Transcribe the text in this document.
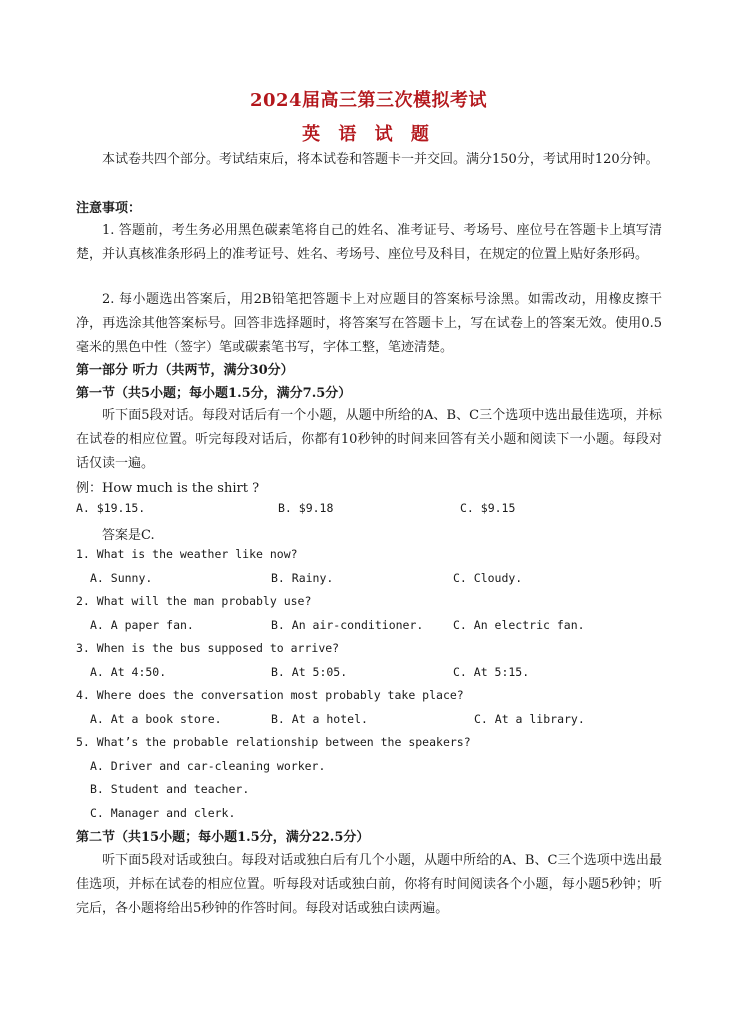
2024届高三第三次模拟考试
英 语 试 题
本试卷共四个部分。考试结束后，将本试卷和答题卡一并交回。满分150分，考试用时120分钟。
注意事项：
1. 答题前，考生务必用黑色碳素笔将自己的姓名、准考证号、考场号、座位号在答题卡上填写清楚，并认真核准条形码上的准考证号、姓名、考场号、座位号及科目，在规定的位置上贴好条形码。
2. 每小题选出答案后，用2B铅笔把答题卡上对应题目的答案标号涂黑。如需改动，用橡皮擦干净，再选涂其他答案标号。回答非选择题时，将答案写在答题卡上，写在试卷上的答案无效。使用0.5毫米的黑色中性（签字）笔或碳素笔书写，字体工整，笔迹清楚。
第一部分 听力（共两节，满分30分）
第一节（共5小题；每小题1.5分，满分7.5分）
听下面5段对话。每段对话后有一个小题，从题中所给的A、B、C三个选项中选出最佳选项，并标在试卷的相应位置。听完每段对话后，你都有10秒钟的时间来回答有关小题和阅读下一小题。每段对话仅读一遍。
例：How much is the shirt ?
A. $19.15.	B. $9.18	C. $9.15
答案是C.
1. What is the weather like now?
A. Sunny.	B. Rainy.	C. Cloudy.
2. What will the man probably use?
A. A paper fan.	B. An air-conditioner.	C. An electric fan.
3. When is the bus supposed to arrive?
A. At 4:50.	B. At 5:05.	C. At 5:15.
4. Where does the conversation most probably take place?
A. At a book store.	B. At a hotel.	C. At a library.
5. What’s the probable relationship between the speakers?
A. Driver and car-cleaning worker.
B. Student and teacher.
C. Manager and clerk.
第二节（共15小题；每小题1.5分，满分22.5分）
听下面5段对话或独白。每段对话或独白后有几个小题，从题中所给的A、B、C三个选项中选出最佳选项，并标在试卷的相应位置。听每段对话或独白前，你将有时间阅读各个小题，每小题5秒钟；听完后，各小题将给出5秒钟的作答时间。每段对话或独白读两遍。
